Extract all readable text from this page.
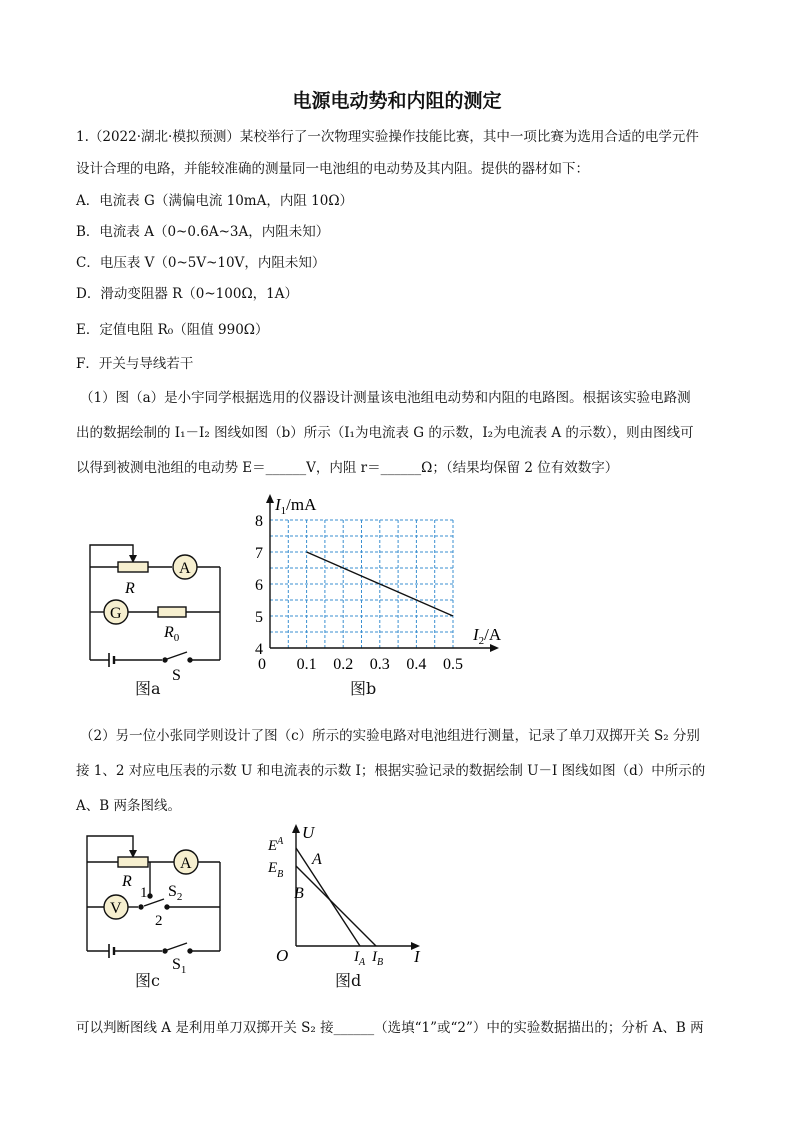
电源电动势和内阻的测定
1.（2022·湖北·模拟预测）某校举行了一次物理实验操作技能比赛，其中一项比赛为选用合适的电学元件
设计合理的电路，并能较准确的测量同一电池组的电动势及其内阻。提供的器材如下：
A．电流表 G（满偏电流 10mA，内阻 10Ω）
B．电流表 A（0~0.6A~3A，内阻未知）
C．电压表 V（0~5V~10V，内阻未知）
D．滑动变阻器 R（0~100Ω，1A）
E．定值电阻 R₀（阻值 990Ω）
F．开关与导线若干
（1）图（a）是小宇同学根据选用的仪器设计测量该电池组电动势和内阻的电路图。根据该实验电路测
出的数据绘制的 I₁－I₂ 图线如图（b）所示（I₁为电流表 G 的示数，I₂为电流表 A 的示数），则由图线可
以得到被测电池组的电动势 E＝______V，内阻 r＝______Ω；（结果均保留 2 位有效数字）
R
A
G
$R_0$
S
图a
0 0.1 0.2 0.3 0.4 0.5
4
5
6
7
8
$I_1/mA$
$I_2/A$
图b
（2）另一位小张同学则设计了图（c）所示的实验电路对电池组进行测量，记录了单刀双掷开关 S₂ 分别
接 1、2 对应电压表的示数 U 和电流表的示数 I；根据实验记录的数据绘制 U－I 图线如图（d）中所示的
A、B 两条图线。
R
A
V
1
2
$S_2$
$S_1$
图c
U
I
O
$E^A$
$E_B$
A
B
$I_A$ $I_B$
图d
可以判断图线 A 是利用单刀双掷开关 S₂ 接______（选填“1”或“2”）中的实验数据描出的；分析 A、B 两
